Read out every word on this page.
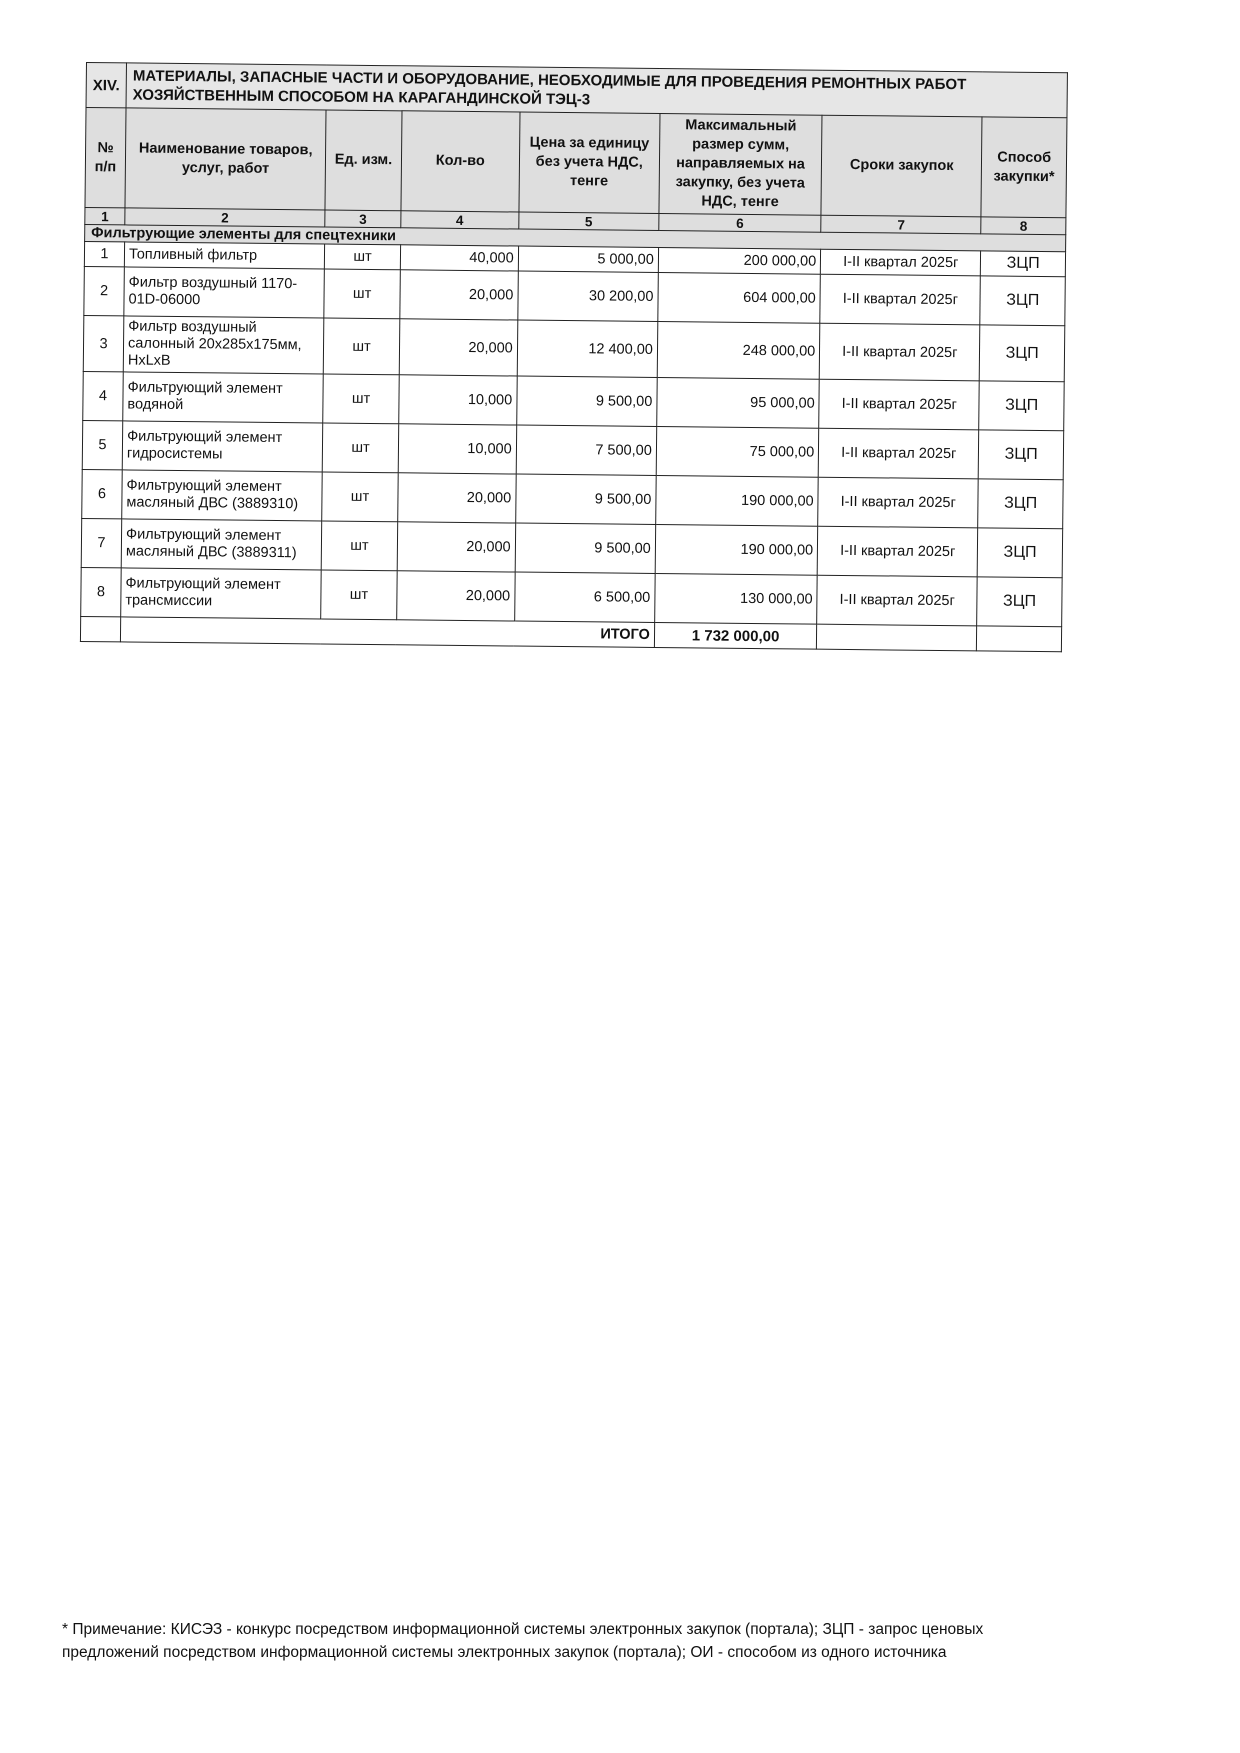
XIV.	МАТЕРИАЛЫ, ЗАПАСНЫЕ ЧАСТИ И ОБОРУДОВАНИЕ, НЕОБХОДИМЫЕ ДЛЯ ПРОВЕДЕНИЯ РЕМОНТНЫХ РАБОТ ХОЗЯЙСТВЕННЫМ СПОСОБОМ НА КАРАГАНДИНСКОЙ ТЭЦ-3						
№ п/п	Наименование товаров, услуг, работ	Ед. изм.	Кол-во	Цена за единицу без учета НДС, тенге	Максимальный размер сумм, направляемых на закупку, без учета НДС, тенге	Сроки закупок	Способ закупки*
1	2	3	4	5	6	7	8
Фильтрующие элементы для спецтехники							
1	Топливный фильтр	шт	40,000	5 000,00	200 000,00	I-II квартал 2025г	ЗЦП
2	Фильтр воздушный 1170-01D-06000	шт	20,000	30 200,00	604 000,00	I-II квартал 2025г	ЗЦП
3	Фильтр воздушный салонный 20х285х175мм, HxLxB	шт	20,000	12 400,00	248 000,00	I-II квартал 2025г	ЗЦП
4	Фильтрующий элемент водяной	шт	10,000	9 500,00	95 000,00	I-II квартал 2025г	ЗЦП
5	Фильтрующий элемент гидросистемы	шт	10,000	7 500,00	75 000,00	I-II квартал 2025г	ЗЦП
6	Фильтрующий элемент масляный ДВС (3889310)	шт	20,000	9 500,00	190 000,00	I-II квартал 2025г	ЗЦП
7	Фильтрующий элемент масляный ДВС (3889311)	шт	20,000	9 500,00	190 000,00	I-II квартал 2025г	ЗЦП
8	Фильтрующий элемент трансмиссии	шт	20,000	6 500,00	130 000,00	I-II квартал 2025г	ЗЦП
	ИТОГО				1 732 000,00		
* Примечание: КИСЭЗ - конкурс посредством информационной системы электронных закупок (портала); ЗЦП - запрос ценовых предложений посредством информационной системы электронных закупок (портала); ОИ - способом из одного источника
